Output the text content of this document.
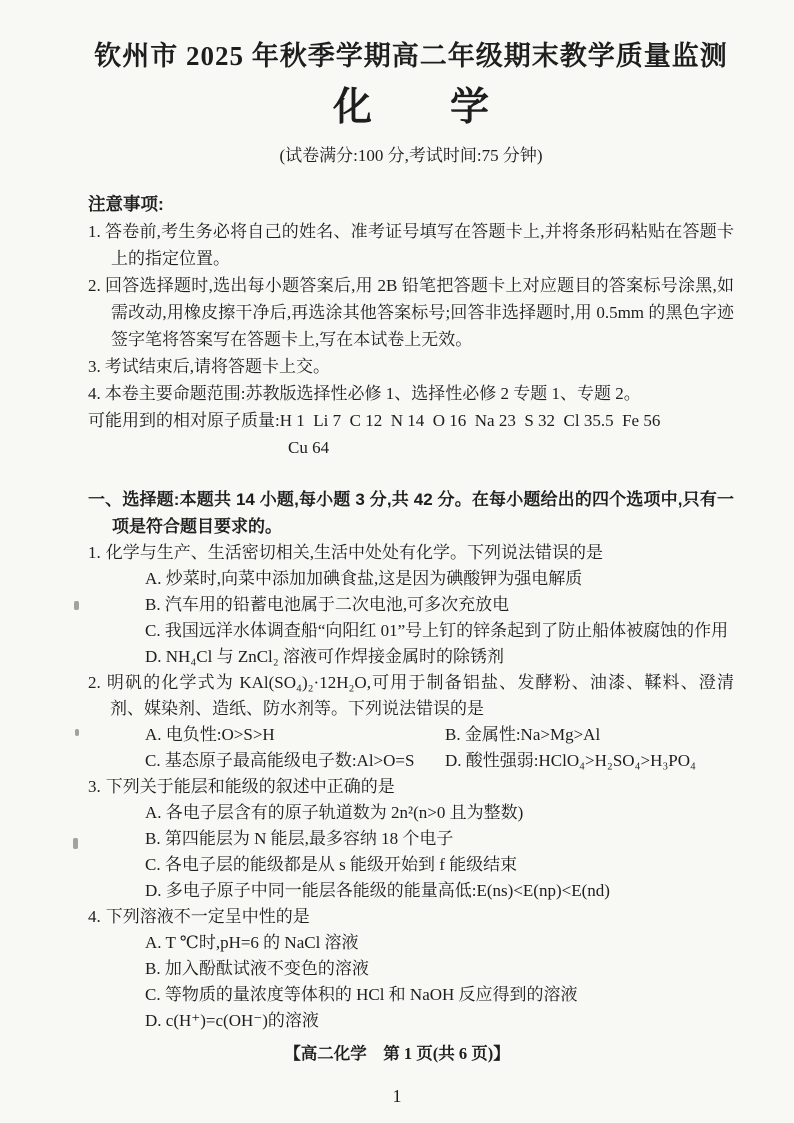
钦州市 2025 年秋季学期高二年级期末教学质量监测
化　　学
(试卷满分:100 分,考试时间:75 分钟)
注意事项:
1. 答卷前,考生务必将自己的姓名、准考证号填写在答题卡上,并将条形码粘贴在答题卡上的指定位置。
2. 回答选择题时,选出每小题答案后,用 2B 铅笔把答题卡上对应题目的答案标号涂黑,如需改动,用橡皮擦干净后,再选涂其他答案标号;回答非选择题时,用 0.5mm 的黑色字迹签字笔将答案写在答题卡上,写在本试卷上无效。
3. 考试结束后,请将答题卡上交。
4. 本卷主要命题范围:苏教版选择性必修 1、选择性必修 2 专题 1、专题 2。
可能用到的相对原子质量:H 1  Li 7  C 12  N 14  O 16  Na 23  S 32  Cl 35.5  Fe 56
Cu 64
一、选择题:本题共 14 小题,每小题 3 分,共 42 分。在每小题给出的四个选项中,只有一项是符合题目要求的。
1. 化学与生产、生活密切相关,生活中处处有化学。下列说法错误的是
A. 炒菜时,向菜中添加加碘食盐,这是因为碘酸钾为强电解质
B. 汽车用的铅蓄电池属于二次电池,可多次充放电
C. 我国远洋水体调查船“向阳红 01”号上钉的锌条起到了防止船体被腐蚀的作用
D. NH₄Cl 与 ZnCl₂ 溶液可作焊接金属时的除锈剂
2. 明矾的化学式为 KAl(SO₄)₂·12H₂O,可用于制备铝盐、发酵粉、油漆、鞣料、澄清剂、媒染剂、造纸、防水剂等。下列说法错误的是
A. 电负性:O>S>H	B. 金属性:Na>Mg>Al
C. 基态原子最高能级电子数:Al>O=S	D. 酸性强弱:HClO₄>H₂SO₄>H₃PO₄
3. 下列关于能层和能级的叙述中正确的是
A. 各电子层含有的原子轨道数为 2n²(n>0 且为整数)
B. 第四能层为 N 能层,最多容纳 18 个电子
C. 各电子层的能级都是从 s 能级开始到 f 能级结束
D. 多电子原子中同一能层各能级的能量高低:E(ns)<E(np)<E(nd)
4. 下列溶液不一定呈中性的是
A. T ℃时,pH=6 的 NaCl 溶液
B. 加入酚酞试液不变色的溶液
C. 等物质的量浓度等体积的 HCl 和 NaOH 反应得到的溶液
D. c(H⁺)=c(OH⁻)的溶液
【高二化学　第 1 页(共 6 页)】
1
